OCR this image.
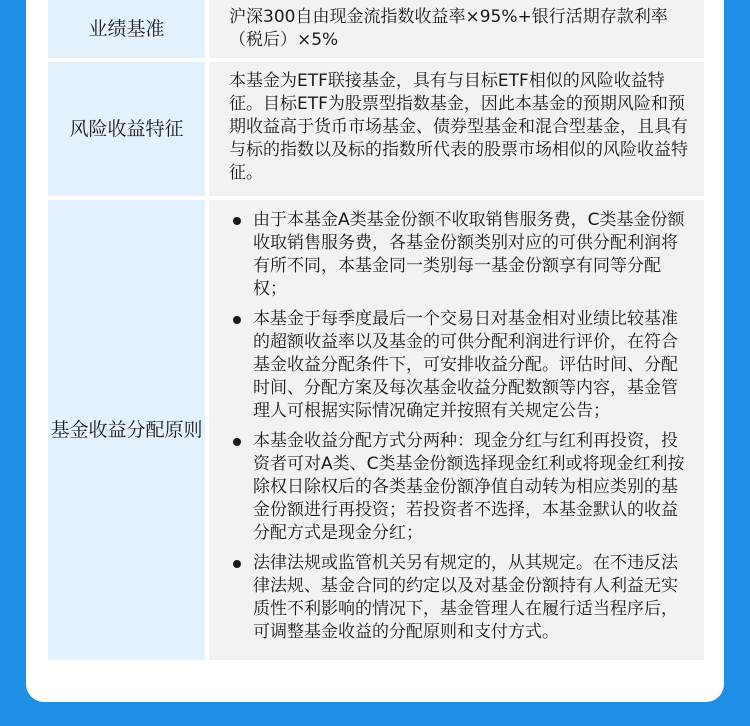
业绩基准
沪深300自由现金流指数收益率×95%+银行活期存款利率（税后）×5%
风险收益特征
本基金为ETF联接基金，具有与目标ETF相似的风险收益特征。目标ETF为股票型指数基金，因此本基金的预期风险和预期收益高于货币市场基金、债券型基金和混合型基金，且具有与标的指数以及标的指数所代表的股票市场相似的风险收益特征。
基金收益 分配原则
由于本基金A类基金份额不收取销售服务费，C类基金份额收取销售服务费，各基金份额类别对应的可供分配利润将有所不同，本基金同一类别每一基金份额享有同等分配权；
本基金于每季度最后一个交易日对基金相对业绩比较基准的超额收益率以及基金的可供分配利润进行评价，在符合基金收益分配条件下，可安排收益分配。评估时间、分配时间、分配方案及每次基金收益分配数额等内容，基金管理人可根据实际情况确定并按照有关规定公告；
本基金收益分配方式分两种：现金分红与红利再投资，投资者可对A类、C类基金份额选择现金红利或将现金红利按除权日除权后的各类基金份额净值自动转为相应类别的基金份额进行再投资；若投资者不选择，本基金默认的收益分配方式是现金分红；
法律法规或监管机关另有规定的，从其规定。在不违反法律法规、基金合同的约定以及对基金份额持有人利益无实质性不利影响的情况下，基金管理人在履行适当程序后，可调整基金收益的分配原则和支付方式。
